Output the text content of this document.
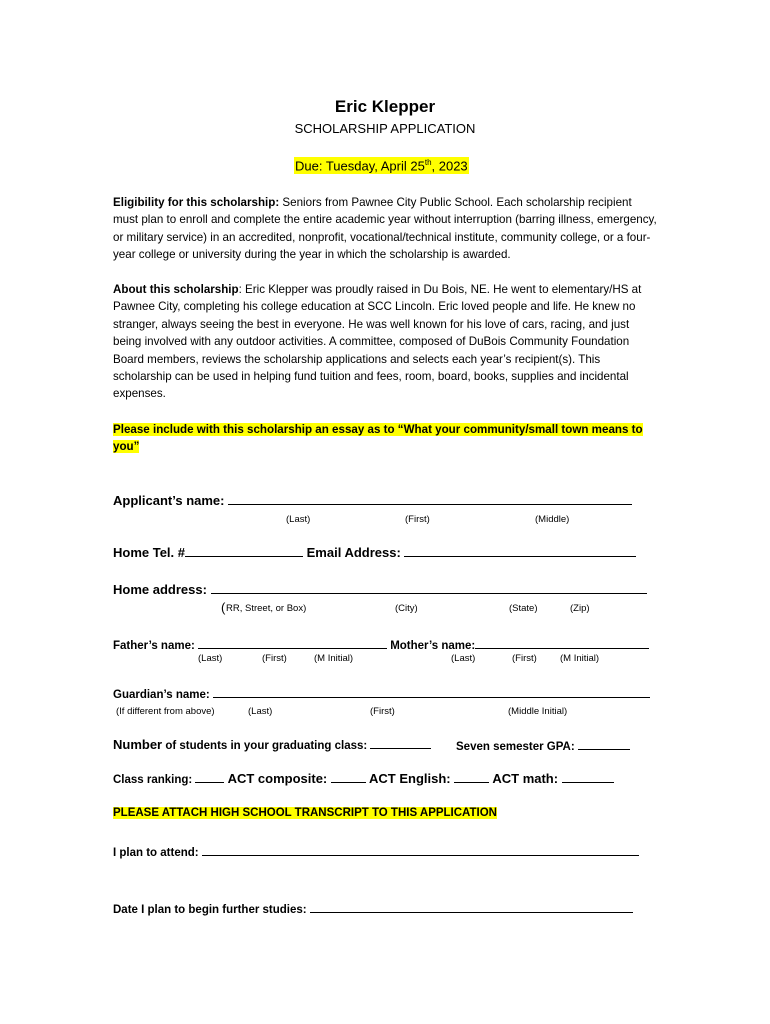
Eric Klepper
SCHOLARSHIP APPLICATION
Due: Tuesday, April 25th, 2023
Eligibility for this scholarship: Seniors from Pawnee City Public School. Each scholarship recipient must plan to enroll and complete the entire academic year without interruption (barring illness, emergency, or military service) in an accredited, nonprofit, vocational/technical institute, community college, or a four-year college or university during the year in which the scholarship is awarded.
About this scholarship: Eric Klepper was proudly raised in Du Bois, NE. He went to elementary/HS at Pawnee City, completing his college education at SCC Lincoln. Eric loved people and life. He knew no stranger, always seeing the best in everyone. He was well known for his love of cars, racing, and just being involved with any outdoor activities. A committee, composed of DuBois Community Foundation Board members, reviews the scholarship applications and selects each year’s recipient(s). This scholarship can be used in helping fund tuition and fees, room, board, books, supplies and incidental expenses.
Please include with this scholarship an essay as to “What your community/small town means to you”
Applicant’s name:
(Last)	(First)	(Middle)
Home Tel. #	Email Address:
Home address:
( RR, Street, or Box)	(City)	(State)	(Zip)
Father’s name:	Mother’s name:
(Last)	(First)	(M Initial)	(Last)	(First) (M Initial)
Guardian’s name:
(If different from above)	(Last)	(First)	(Middle Initial)
Number of students in your graduating class:	Seven semester GPA:
Class ranking:  ACT composite:	ACT English:	ACT math:
PLEASE ATTACH HIGH SCHOOL TRANSCRIPT TO THIS APPLICATION
I plan to attend:
Date I plan to begin further studies:
